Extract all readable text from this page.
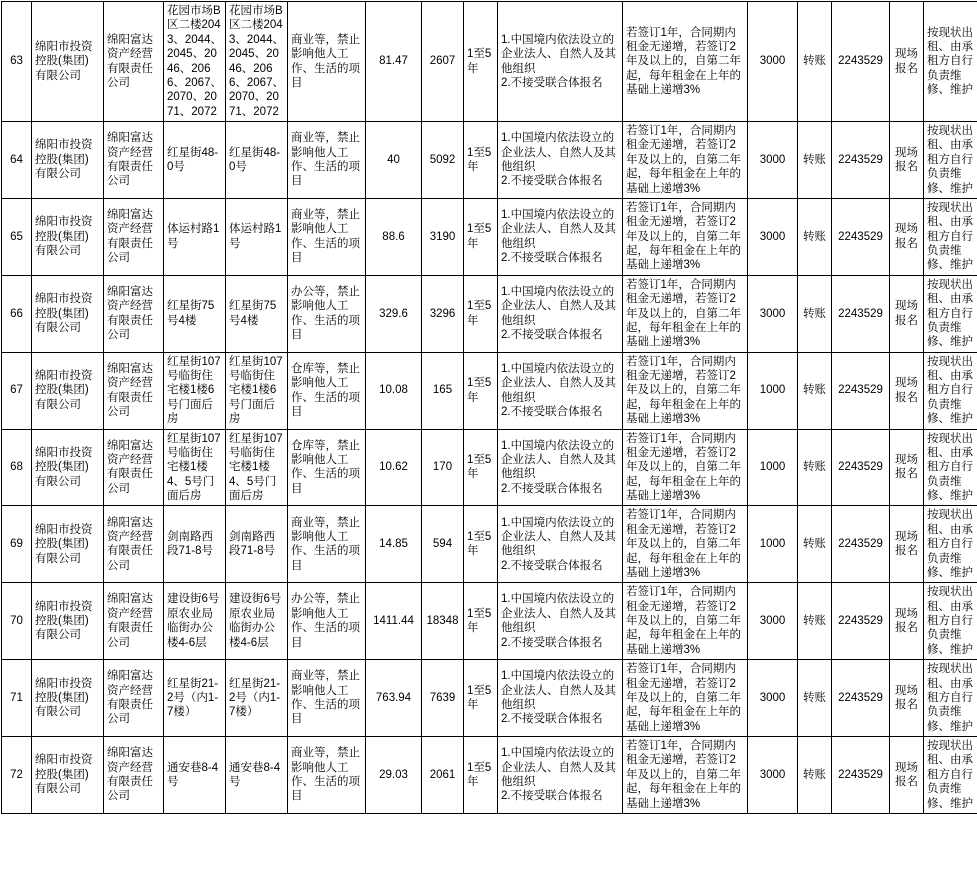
63	绵阳市投资控股(集团)有限公司	绵阳富达资产经营有限责任公司	花园市场B区二楼2043、2044、2045、2046、2066、2067、2070、2071、2072	花园市场B区二楼2043、2044、2045、2046、2066、2067、2070、2071、2072	商业等，禁止影响他人工作、生活的项目	81.47	2607	1至5年	1.中国境内依法设立的企业法人、自然人及其他组织
2.不接受联合体报名	若签订1年，合同期内租金无递增，若签订2年及以上的，自第二年起，每年租金在上年的基础上递增3%	3000	转账	2243529	现场报名	按现状出租、由承租方自行负责维修、维护

64	绵阳市投资控股(集团)有限公司	绵阳富达资产经营有限责任公司	红星街48-0号	红星街48-0号	商业等，禁止影响他人工作、生活的项目	40	5092	1至5年	1.中国境内依法设立的企业法人、自然人及其他组织
2.不接受联合体报名	若签订1年，合同期内租金无递增，若签订2年及以上的，自第二年起，每年租金在上年的基础上递增3%	3000	转账	2243529	现场报名	按现状出租、由承租方自行负责维修、维护

65	绵阳市投资控股(集团)有限公司	绵阳富达资产经营有限责任公司	体运村路1号	体运村路1号	商业等，禁止影响他人工作、生活的项目	88.6	3190	1至5年	1.中国境内依法设立的企业法人、自然人及其他组织
2.不接受联合体报名	若签订1年，合同期内租金无递增，若签订2年及以上的，自第二年起，每年租金在上年的基础上递增3%	3000	转账	2243529	现场报名	按现状出租、由承租方自行负责维修、维护

66	绵阳市投资控股(集团)有限公司	绵阳富达资产经营有限责任公司	红星街75号4楼	红星街75号4楼	办公等，禁止影响他人工作、生活的项目	329.6	3296	1至5年	1.中国境内依法设立的企业法人、自然人及其他组织
2.不接受联合体报名	若签订1年，合同期内租金无递增，若签订2年及以上的，自第二年起，每年租金在上年的基础上递增3%	3000	转账	2243529	现场报名	按现状出租、由承租方自行负责维修、维护

67	绵阳市投资控股(集团)有限公司	绵阳富达资产经营有限责任公司	红星街107号临街住宅楼1楼6号门面后房	红星街107号临街住宅楼1楼6号门面后房	仓库等，禁止影响他人工作、生活的项目	10.08	165	1至5年	1.中国境内依法设立的企业法人、自然人及其他组织
2.不接受联合体报名	若签订1年，合同期内租金无递增，若签订2年及以上的，自第二年起，每年租金在上年的基础上递增3%	1000	转账	2243529	现场报名	按现状出租、由承租方自行负责维修、维护

68	绵阳市投资控股(集团)有限公司	绵阳富达资产经营有限责任公司	红星街107号临街住宅楼1楼4、5号门面后房	红星街107号临街住宅楼1楼4、5号门面后房	仓库等，禁止影响他人工作、生活的项目	10.62	170	1至5年	1.中国境内依法设立的企业法人、自然人及其他组织
2.不接受联合体报名	若签订1年，合同期内租金无递增，若签订2年及以上的，自第二年起，每年租金在上年的基础上递增3%	1000	转账	2243529	现场报名	按现状出租、由承租方自行负责维修、维护

69	绵阳市投资控股(集团)有限公司	绵阳富达资产经营有限责任公司	剑南路西段71-8号	剑南路西段71-8号	商业等，禁止影响他人工作、生活的项目	14.85	594	1至5年	1.中国境内依法设立的企业法人、自然人及其他组织
2.不接受联合体报名	若签订1年，合同期内租金无递增，若签订2年及以上的，自第二年起，每年租金在上年的基础上递增3%	1000	转账	2243529	现场报名	按现状出租、由承租方自行负责维修、维护

70	绵阳市投资控股(集团)有限公司	绵阳富达资产经营有限责任公司	建设街6号原农业局临街办公楼4-6层	建设街6号原农业局临街办公楼4-6层	办公等，禁止影响他人工作、生活的项目	1411.44	18348	1至5年	1.中国境内依法设立的企业法人、自然人及其他组织
2.不接受联合体报名	若签订1年，合同期内租金无递增，若签订2年及以上的，自第二年起，每年租金在上年的基础上递增3%	3000	转账	2243529	现场报名	按现状出租、由承租方自行负责维修、维护

71	绵阳市投资控股(集团)有限公司	绵阳富达资产经营有限责任公司	红星街21-2号（内1-7楼）	红星街21-2号（内1-7楼）	商业等，禁止影响他人工作、生活的项目	763.94	7639	1至5年	1.中国境内依法设立的企业法人、自然人及其他组织
2.不接受联合体报名	若签订1年，合同期内租金无递增，若签订2年及以上的，自第二年起，每年租金在上年的基础上递增3%	3000	转账	2243529	现场报名	按现状出租、由承租方自行负责维修、维护

72	绵阳市投资控股(集团)有限公司	绵阳富达资产经营有限责任公司	通安巷8-4号	通安巷8-4号	商业等，禁止影响他人工作、生活的项目	29.03	2061	1至5年	1.中国境内依法设立的企业法人、自然人及其他组织
2.不接受联合体报名	若签订1年，合同期内租金无递增，若签订2年及以上的，自第二年起，每年租金在上年的基础上递增3%	3000	转账	2243529	现场报名	按现状出租、由承租方自行负责维修、维护
